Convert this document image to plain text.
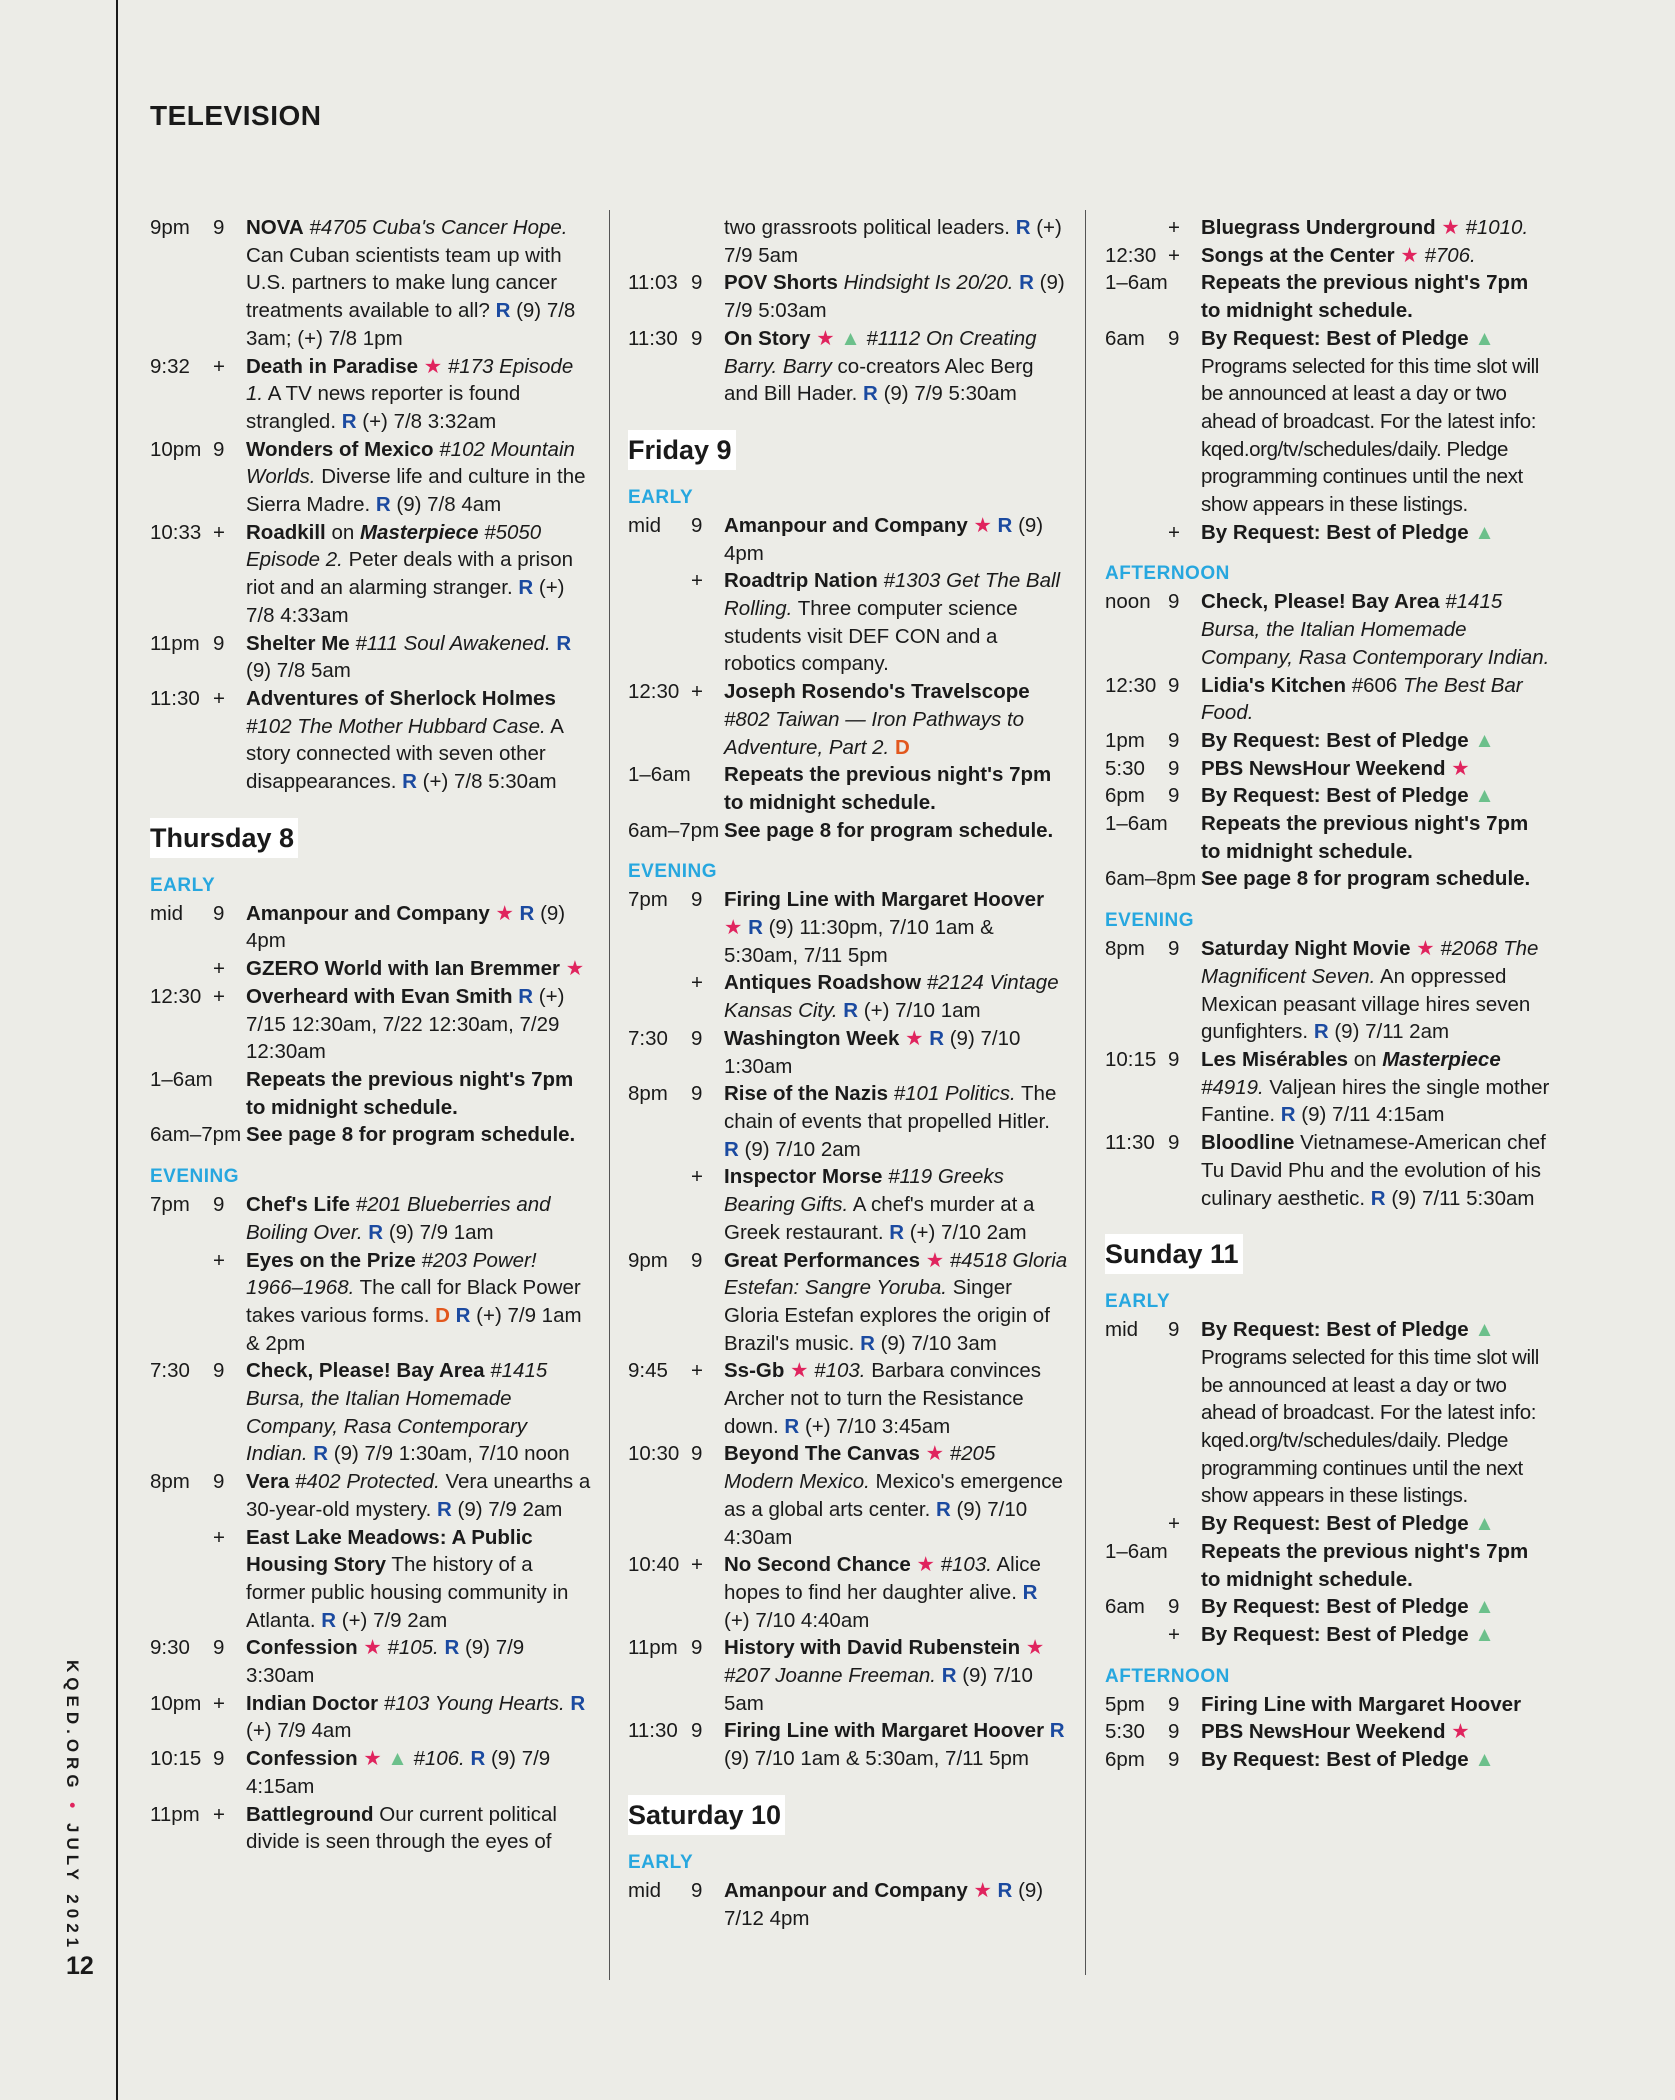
KQED.ORG • JULY 2021
12
TELEVISION
9pm	9	NOVA #4705 Cuba's Cancer Hope. Can Cuban scientists team up with U.S. partners to make lung cancer treatments available to all? R (9) 7/8 3am; (+) 7/8 1pm
9:32	+	Death in Paradise ★ #173 Episode 1. A TV news reporter is found strangled. R (+) 7/8 3:32am
10pm 9	Wonders of Mexico #102 Mountain Worlds. Diverse life and culture in the Sierra Madre. R (9) 7/8 4am
10:33 +	Roadkill on Masterpiece #5050 Episode 2. Peter deals with a prison riot and an alarming stranger. R (+) 7/8 4:33am
11pm 9	Shelter Me #111 Soul Awakened. R (9) 7/8 5am
11:30 +	Adventures of Sherlock Holmes #102 The Mother Hubbard Case. A story connected with seven other disappearances. R (+) 7/8 5:30am
Thursday 8
EARLY
mid	9	Amanpour and Company ★ R (9) 4pm
+	GZERO World with Ian Bremmer ★
12:30 +	Overheard with Evan Smith R (+) 7/15 12:30am, 7/22 12:30am, 7/29 12:30am
1–6am	Repeats the previous night's 7pm to midnight schedule.
6am–7pm See page 8 for program schedule.
EVENING
7pm	9	Chef's Life #201 Blueberries and Boiling Over. R (9) 7/9 1am
+	Eyes on the Prize #203 Power! 1966–1968. The call for Black Power takes various forms. D R (+) 7/9 1am & 2pm
7:30	9	Check, Please! Bay Area #1415 Bursa, the Italian Homemade Company, Rasa Contemporary Indian. R (9) 7/9 1:30am, 7/10 noon
8pm	9	Vera #402 Protected. Vera unearths a 30-year-old mystery. R (9) 7/9 2am
+	East Lake Meadows: A Public Housing Story The history of a former public housing community in Atlanta. R (+) 7/9 2am
9:30	9	Confession ★ #105. R (9) 7/9 3:30am
10pm +	Indian Doctor #103 Young Hearts. R (+) 7/9 4am
10:15 9	Confession ★ ▲ #106. R (9) 7/9 4:15am
11pm +	Battleground Our current political divide is seen through the eyes of
two grassroots political leaders. R (+) 7/9 5am
11:03 9	POV Shorts Hindsight Is 20/20. R (9) 7/9 5:03am
11:30 9	On Story ★ ▲ #1112 On Creating Barry. Barry co-creators Alec Berg and Bill Hader. R (9) 7/9 5:30am
Friday 9
EARLY
mid	9	Amanpour and Company ★ R (9) 4pm
+	Roadtrip Nation #1303 Get The Ball Rolling. Three computer science students visit DEF CON and a robotics company.
12:30 +	Joseph Rosendo's Travelscope #802 Taiwan — Iron Pathways to Adventure, Part 2. D
1–6am	Repeats the previous night's 7pm to midnight schedule.
6am–7pm See page 8 for program schedule.
EVENING
7pm	9	Firing Line with Margaret Hoover ★ R (9) 11:30pm, 7/10 1am & 5:30am, 7/11 5pm
+	Antiques Roadshow #2124 Vintage Kansas City. R (+) 7/10 1am
7:30	9	Washington Week ★ R (9) 7/10 1:30am
8pm	9	Rise of the Nazis #101 Politics. The chain of events that propelled Hitler. R (9) 7/10 2am
+	Inspector Morse #119 Greeks Bearing Gifts. A chef's murder at a Greek restaurant. R (+) 7/10 2am
9pm	9	Great Performances ★ #4518 Gloria Estefan: Sangre Yoruba. Singer Gloria Estefan explores the origin of Brazil's music. R (9) 7/10 3am
9:45	+	Ss-Gb ★ #103. Barbara convinces Archer not to turn the Resistance down. R (+) 7/10 3:45am
10:30 9	Beyond The Canvas ★ #205 Modern Mexico. Mexico's emergence as a global arts center. R (9) 7/10 4:30am
10:40 +	No Second Chance ★ #103. Alice hopes to find her daughter alive. R (+) 7/10 4:40am
11pm 9	History with David Rubenstein ★ #207 Joanne Freeman. R (9) 7/10 5am
11:30 9	Firing Line with Margaret Hoover R (9) 7/10 1am & 5:30am, 7/11 5pm
Saturday 10
EARLY
mid	9	Amanpour and Company ★ R (9) 7/12 4pm
+	Bluegrass Underground ★ #1010.
12:30 +	Songs at the Center ★ #706.
1–6am Repeats the previous night's 7pm to midnight schedule.
6am	9	By Request: Best of Pledge ▲ Programs selected for this time slot will be announced at least a day or two ahead of broadcast. For the latest info: kqed.org/tv/schedules/daily. Pledge programming continues until the next show appears in these listings.
+	By Request: Best of Pledge ▲
AFTERNOON
noon 9	Check, Please! Bay Area #1415 Bursa, the Italian Homemade Company, Rasa Contemporary Indian.
12:30 9	Lidia's Kitchen #606 The Best Bar Food.
1pm	9	By Request: Best of Pledge ▲
5:30	9	PBS NewsHour Weekend ★
6pm	9	By Request: Best of Pledge ▲
1–6am	Repeats the previous night's 7pm to midnight schedule.
6am–8pm See page 8 for program schedule.
EVENING
8pm	9	Saturday Night Movie ★ #2068 The Magnificent Seven. An oppressed Mexican peasant village hires seven gunfighters. R (9) 7/11 2am
10:15 9	Les Misérables on Masterpiece #4919. Valjean hires the single mother Fantine. R (9) 7/11 4:15am
11:30 9	Bloodline Vietnamese-American chef Tu David Phu and the evolution of his culinary aesthetic. R (9) 7/11 5:30am
Sunday 11
EARLY
mid	9	By Request: Best of Pledge ▲ Programs selected for this time slot will be announced at least a day or two ahead of broadcast. For the latest info: kqed.org/tv/schedules/daily. Pledge programming continues until the next show appears in these listings.
+	By Request: Best of Pledge ▲
1–6am Repeats the previous night's 7pm to midnight schedule.
6am	9	By Request: Best of Pledge ▲
+	By Request: Best of Pledge ▲
AFTERNOON
5pm	9	Firing Line with Margaret Hoover
5:30	9	PBS NewsHour Weekend ★
6pm	9	By Request: Best of Pledge ▲
